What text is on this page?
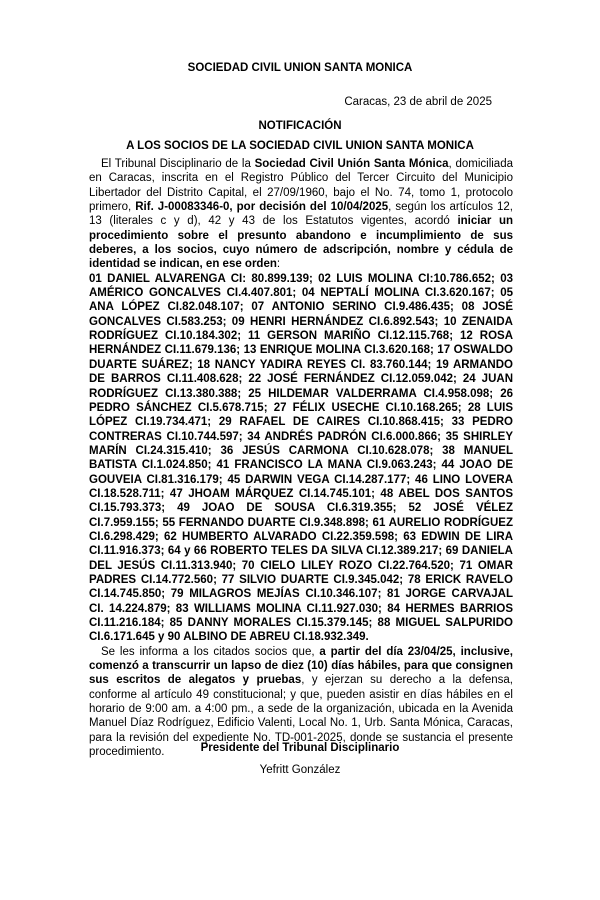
SOCIEDAD CIVIL UNION SANTA MONICA
Caracas, 23 de abril de 2025
NOTIFICACIÓN
A LOS SOCIOS DE LA SOCIEDAD CIVIL UNION SANTA MONICA

El Tribunal Disciplinario de la Sociedad Civil Unión Santa Mónica, domiciliada en Caracas, inscrita en el Registro Público del Tercer Circuito del Municipio Libertador del Distrito Capital, el 27/09/1960, bajo el No. 74, tomo 1, protocolo primero, Rif. J-00083346-0, por decisión del 10/04/2025, según los artículos 12, 13 (literales c y d), 42 y 43 de los Estatutos vigentes, acordó iniciar un procedimiento sobre el presunto abandono e incumplimiento de sus deberes, a los socios, cuyo número de adscripción, nombre y cédula de identidad se indican, en ese orden:

01 DANIEL ALVARENGA CI: 80.899.139; 02 LUIS MOLINA CI:10.786.652; 03 AMÉRICO GONCALVES CI.4.407.801; 04 NEPTALÍ MOLINA CI.3.620.167; 05 ANA LÓPEZ CI.82.048.107; 07 ANTONIO SERINO CI.9.486.435; 08 JOSÉ GONCALVES CI.583.253; 09 HENRI HERNÁNDEZ CI.6.892.543; 10 ZENAIDA RODRÍGUEZ CI.10.184.302; 11 GERSON MARIÑO CI.12.115.768; 12 ROSA HERNÁNDEZ CI.11.679.136; 13 ENRIQUE MOLINA CI.3.620.168; 17 OSWALDO DUARTE SUÁREZ; 18 NANCY YADIRA REYES CI. 83.760.144; 19 ARMANDO DE BARROS CI.11.408.628; 22 JOSÉ FERNÁNDEZ CI.12.059.042; 24 JUAN RODRÍGUEZ CI.13.380.388; 25 HILDEMAR VALDERRAMA CI.4.958.098; 26 PEDRO SÁNCHEZ CI.5.678.715; 27 FÉLIX USECHE CI.10.168.265; 28 LUIS LÓPEZ CI.19.734.471; 29 RAFAEL DE CAIRES CI.10.868.415; 33 PEDRO CONTRERAS CI.10.744.597; 34 ANDRÉS PADRÓN CI.6.000.866; 35 SHIRLEY MARÍN CI.24.315.410; 36 JESÚS CARMONA CI.10.628.078; 38 MANUEL BATISTA CI.1.024.850; 41 FRANCISCO LA MANA CI.9.063.243; 44 JOAO DE GOUVEIA CI.81.316.179; 45 DARWIN VEGA CI.14.287.177; 46 LINO LOVERA CI.18.528.711; 47 JHOAM MÁRQUEZ CI.14.745.101; 48 ABEL DOS SANTOS CI.15.793.373; 49 JOAO DE SOUSA CI.6.319.355; 52 JOSÉ VÉLEZ CI.7.959.155; 55 FERNANDO DUARTE CI.9.348.898; 61 AURELIO RODRÍGUEZ CI.6.298.429; 62 HUMBERTO ALVARADO CI.22.359.598; 63 EDWIN DE LIRA CI.11.916.373; 64 y 66 ROBERTO TELES DA SILVA CI.12.389.217; 69 DANIELA DEL JESÚS CI.11.313.940; 70 CIELO LILEY ROZO CI.22.764.520; 71 OMAR PADRES CI.14.772.560; 77 SILVIO DUARTE CI.9.345.042; 78 ERICK RAVELO CI.14.745.850; 79 MILAGROS MEJÍAS CI.10.346.107; 81 JORGE CARVAJAL CI. 14.224.879; 83 WILLIAMS MOLINA CI.11.927.030; 84 HERMES BARRIOS CI.11.216.184; 85 DANNY MORALES CI.15.379.145; 88 MIGUEL SALPURIDO CI.6.171.645 y 90 ALBINO DE ABREU CI.18.932.349.

Se les informa a los citados socios que, a partir del día 23/04/25, inclusive, comenzó a transcurrir un lapso de diez (10) días hábiles, para que consignen sus escritos de alegatos y pruebas, y ejerzan su derecho a la defensa, conforme al artículo 49 constitucional; y que, pueden asistir en días hábiles en el horario de 9:00 am. a 4:00 pm., a sede de la organización, ubicada en la Avenida Manuel Díaz Rodríguez, Edificio Valenti, Local No. 1, Urb. Santa Mónica, Caracas, para la revisión del expediente No. TD-001-2025, donde se sustancia el presente procedimiento.	Presidente del Tribunal Disciplinario
Yefritt González
